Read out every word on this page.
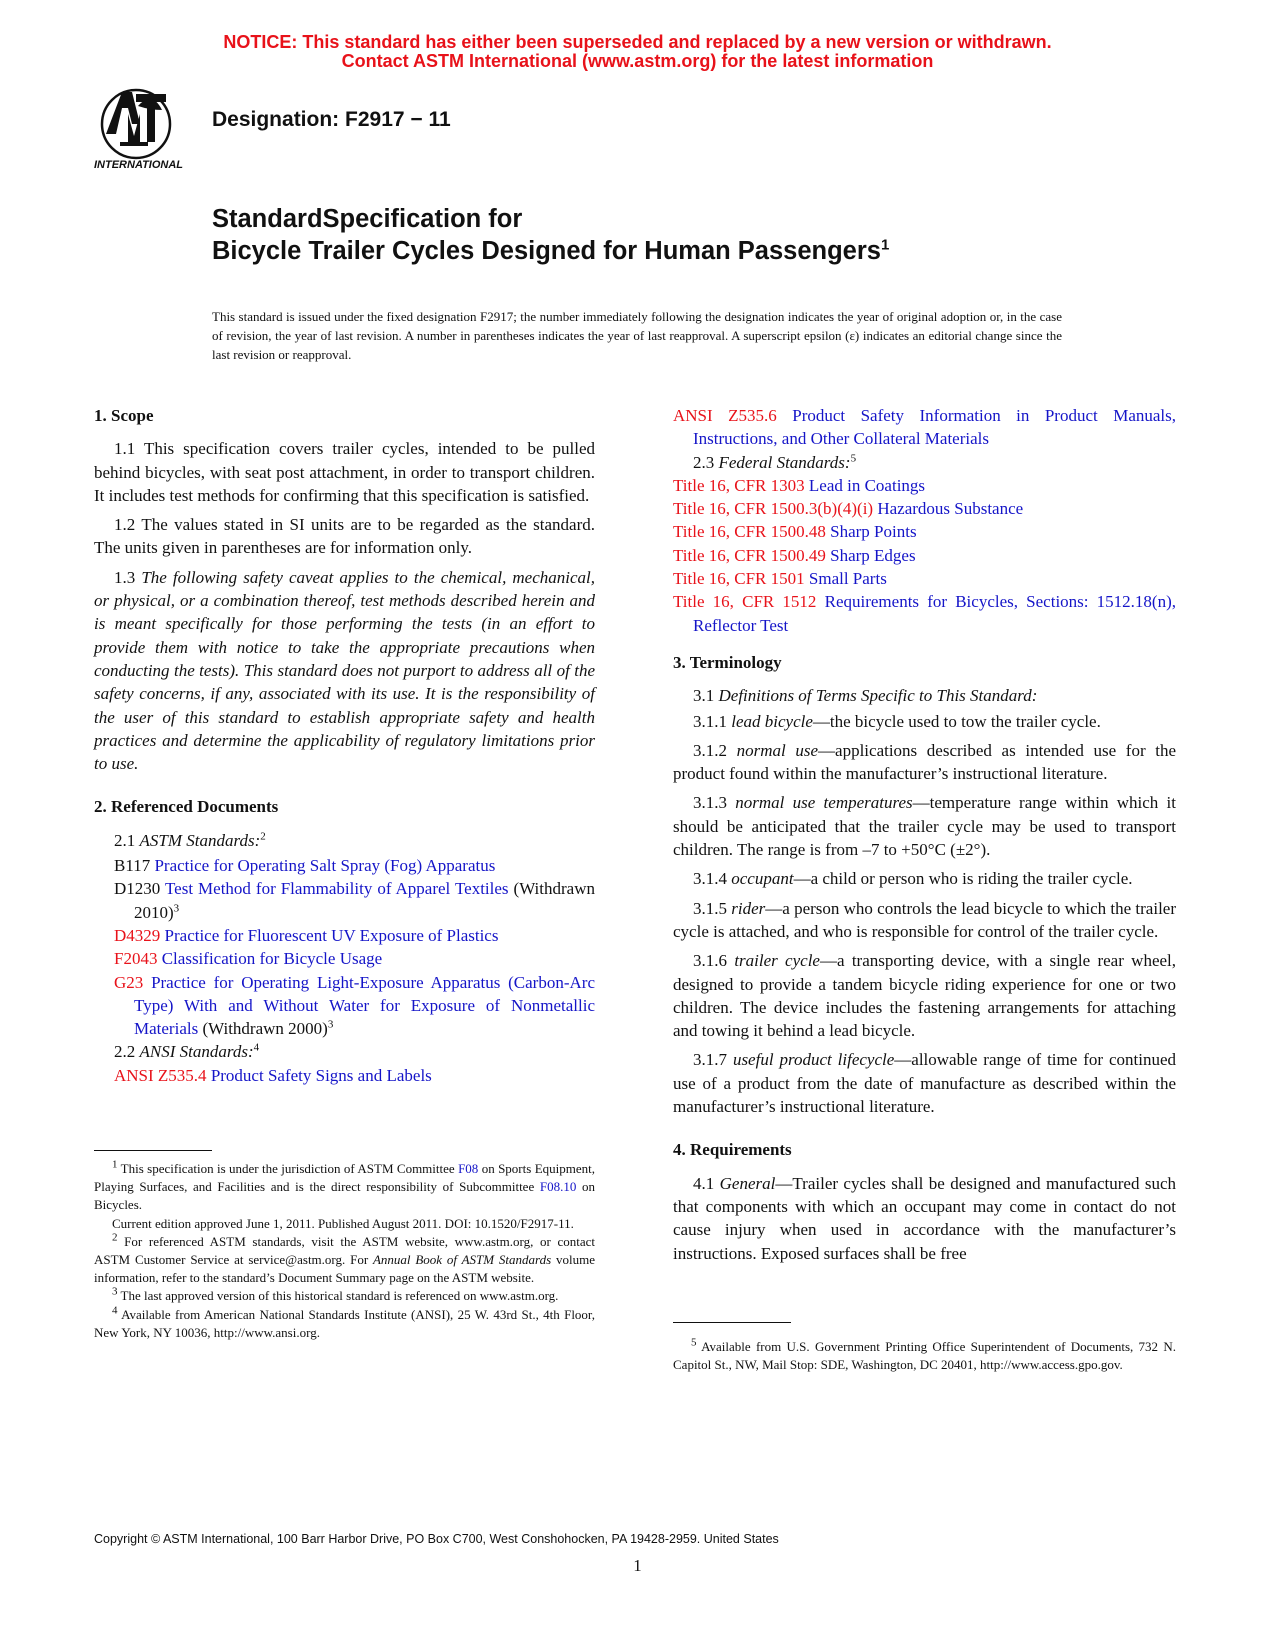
NOTICE: This standard has either been superseded and replaced by a new version or withdrawn.
Contact ASTM International (www.astm.org) for the latest information
INTERNATIONAL
Designation: F2917 − 11
StandardSpecification for
Bicycle Trailer Cycles Designed for Human Passengers$^1$
This standard is issued under the fixed designation F2917; the number immediately following the designation indicates the year of original adoption or, in the case of revision, the year of last revision. A number in parentheses indicates the year of last reapproval. A superscript epsilon (ε) indicates an editorial change since the last revision or reapproval.

1. Scope

1.1 This specification covers trailer cycles, intended to be pulled behind bicycles, with seat post attachment, in order to transport children. It includes test methods for confirming that this specification is satisfied.

1.2 The values stated in SI units are to be regarded as the standard. The units given in parentheses are for information only.

1.3 The following safety caveat applies to the chemical, mechanical, or physical, or a combination thereof, test methods described herein and is meant specifically for those performing the tests (in an effort to provide them with notice to take the appropriate precautions when conducting the tests). This standard does not purport to address all of the safety concerns, if any, associated with its use. It is the responsibility of the user of this standard to establish appropriate safety and health practices and determine the applicability of regulatory limitations prior to use.

2. Referenced Documents

2.1 ASTM Standards:$^2$

B117 Practice for Operating Salt Spray (Fog) Apparatus

D1230 Test Method for Flammability of Apparel Textiles (Withdrawn 2010)$^3$

D4329 Practice for Fluorescent UV Exposure of Plastics

F2043 Classification for Bicycle Usage

G23 Practice for Operating Light-Exposure Apparatus (Carbon-Arc Type) With and Without Water for Exposure of Nonmetallic Materials (Withdrawn 2000)$^3$

2.2 ANSI Standards:$^4$

ANSI Z535.4 Product Safety Signs and Labels

$^1$ This specification is under the jurisdiction of ASTM Committee F08 on Sports Equipment, Playing Surfaces, and Facilities and is the direct responsibility of Subcommittee F08.10 on Bicycles.

Current edition approved June 1, 2011. Published August 2011. DOI: 10.1520/F2917-11.

$^2$ For referenced ASTM standards, visit the ASTM website, www.astm.org, or contact ASTM Customer Service at service@astm.org. For Annual Book of ASTM Standards volume information, refer to the standard’s Document Summary page on the ASTM website.

$^3$ The last approved version of this historical standard is referenced on www.astm.org.

$^4$ Available from American National Standards Institute (ANSI), 25 W. 43rd St., 4th Floor, New York, NY 10036, http://www.ansi.org.

ANSI Z535.6 Product Safety Information in Product Manuals, Instructions, and Other Collateral Materials

2.3 Federal Standards:$^5$

Title 16, CFR 1303 Lead in Coatings

Title 16, CFR 1500.3(b)(4)(i) Hazardous Substance

Title 16, CFR 1500.48 Sharp Points

Title 16, CFR 1500.49 Sharp Edges

Title 16, CFR 1501 Small Parts

Title 16, CFR 1512 Requirements for Bicycles, Sections: 1512.18(n), Reflector Test

3. Terminology

3.1 Definitions of Terms Specific to This Standard:

3.1.1 lead bicycle—the bicycle used to tow the trailer cycle.

3.1.2 normal use—applications described as intended use for the product found within the manufacturer’s instructional literature.

3.1.3 normal use temperatures—temperature range within which it should be anticipated that the trailer cycle may be used to transport children. The range is from –7 to +50°C (±2°).

3.1.4 occupant—a child or person who is riding the trailer cycle.

3.1.5 rider—a person who controls the lead bicycle to which the trailer cycle is attached, and who is responsible for control of the trailer cycle.

3.1.6 trailer cycle—a transporting device, with a single rear wheel, designed to provide a tandem bicycle riding experience for one or two children. The device includes the fastening arrangements for attaching and towing it behind a lead bicycle.

3.1.7 useful product lifecycle—allowable range of time for continued use of a product from the date of manufacture as described within the manufacturer’s instructional literature.

4. Requirements

4.1 General—Trailer cycles shall be designed and manufactured such that components with which an occupant may come in contact do not cause injury when used in accordance with the manufacturer’s instructions. Exposed surfaces shall be free

$^5$ Available from U.S. Government Printing Office Superintendent of Documents, 732 N. Capitol St., NW, Mail Stop: SDE, Washington, DC 20401, http://www.access.gpo.gov.

Copyright © ASTM International, 100 Barr Harbor Drive, PO Box C700, West Conshohocken, PA 19428-2959. United States
1
